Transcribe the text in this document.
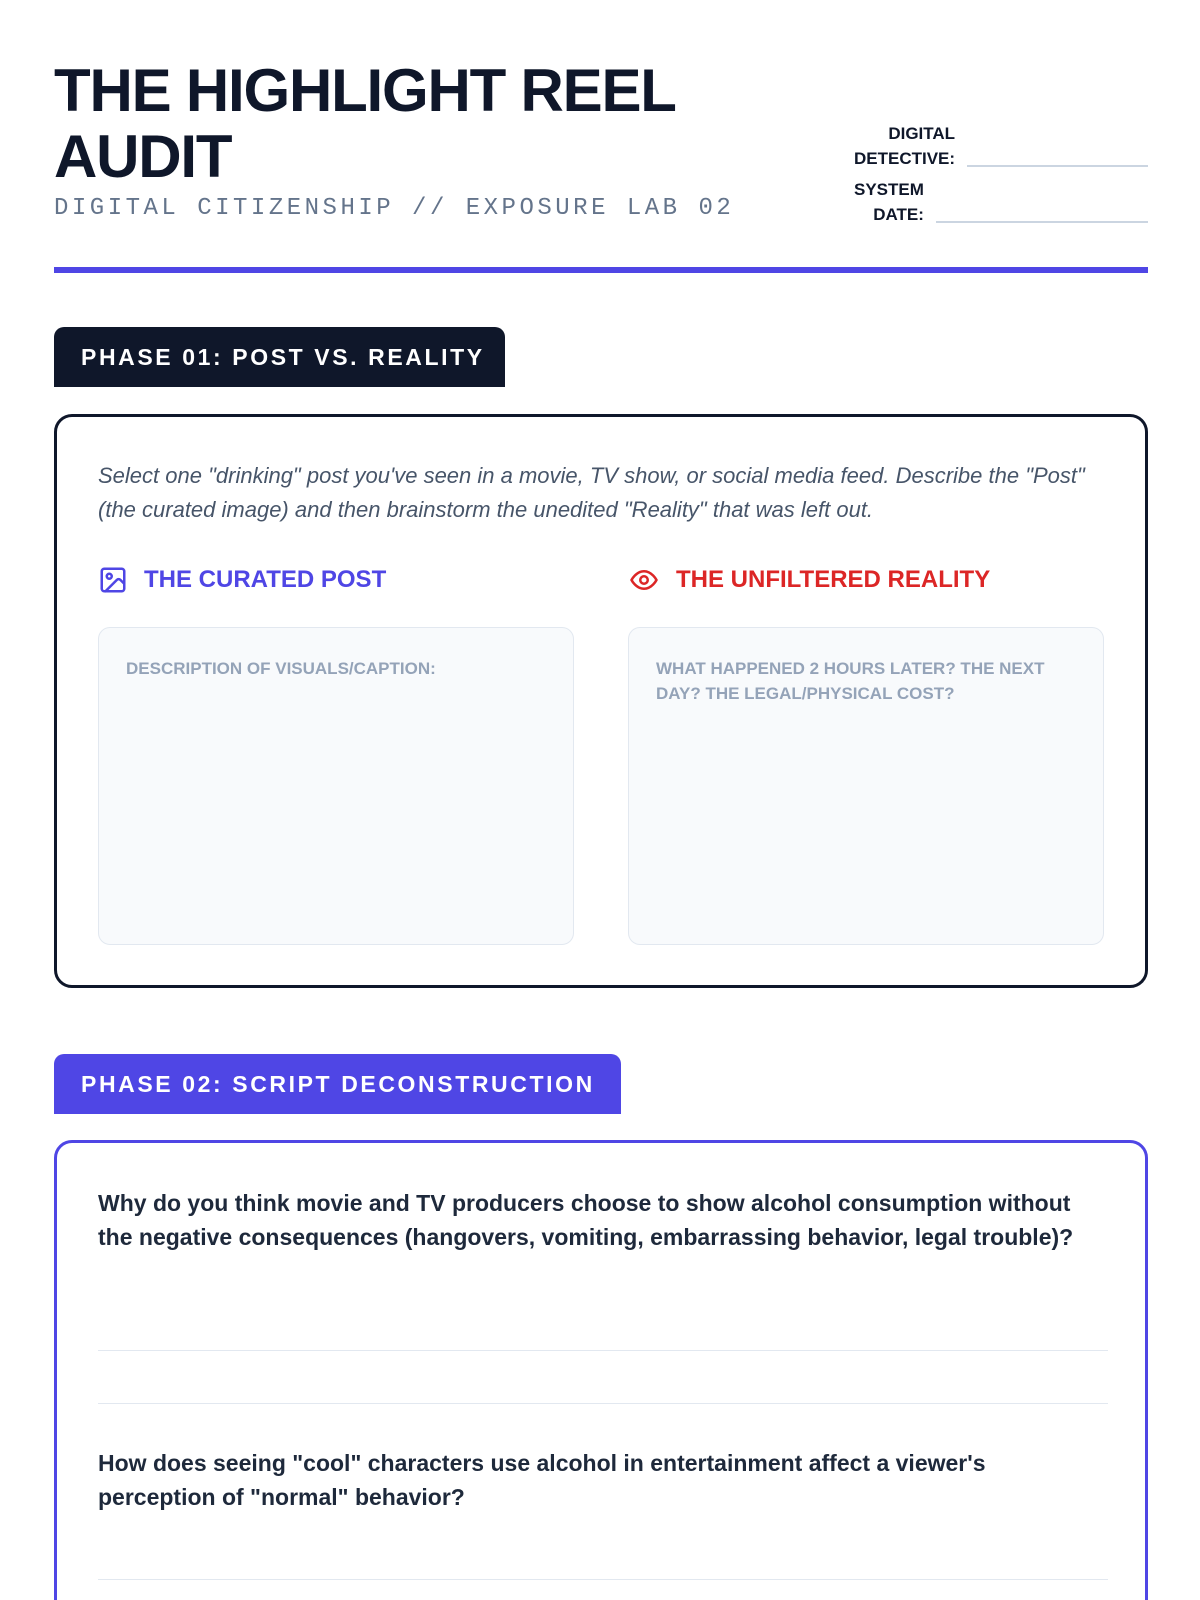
THE HIGHLIGHT REEL
AUDIT
DIGITAL CITIZENSHIP // EXPOSURE LAB 02
DIGITAL
DETECTIVE:
SYSTEM
DATE:
PHASE 01: POST VS. REALITY
Select one "drinking" post you've seen in a movie, TV show, or social media feed. Describe the "Post" (the curated image) and then brainstorm the unedited "Reality" that was left out.
THE CURATED POST	THE UNFILTERED REALITY
DESCRIPTION OF VISUALS/CAPTION:	WHAT HAPPENED 2 HOURS LATER? THE NEXT DAY? THE LEGAL/PHYSICAL COST?
PHASE 02: SCRIPT DECONSTRUCTION
Why do you think movie and TV producers choose to show alcohol consumption without the negative consequences (hangovers, vomiting, embarrassing behavior, legal trouble)?
How does seeing "cool" characters use alcohol in entertainment affect a viewer's perception of "normal" behavior?
